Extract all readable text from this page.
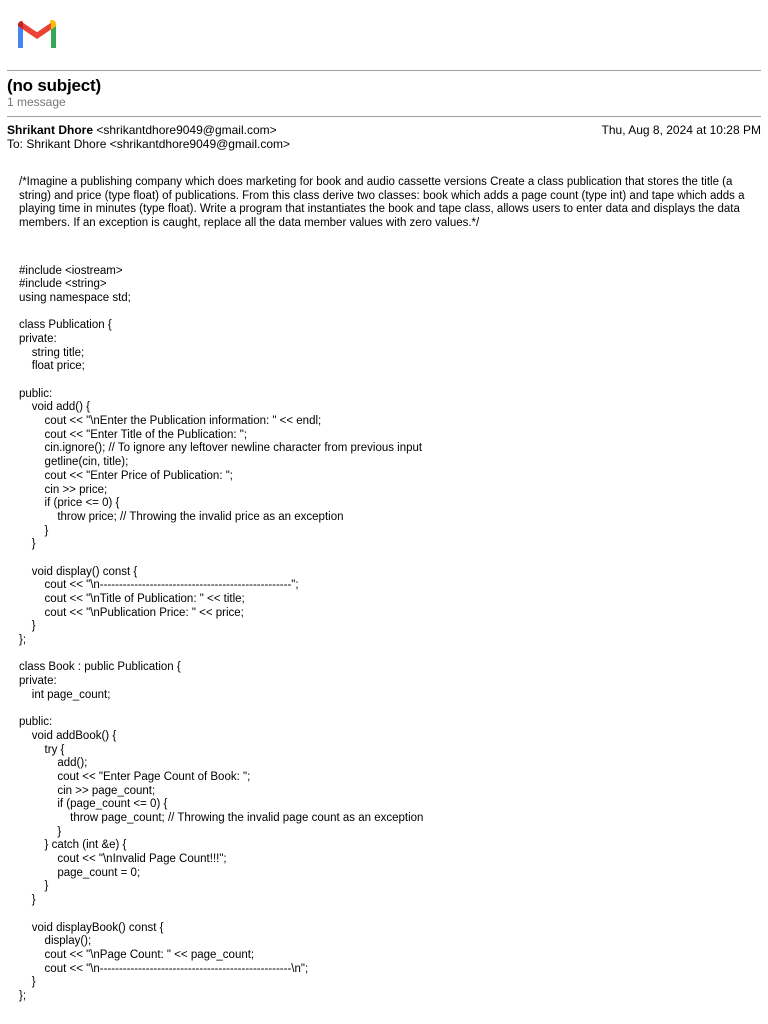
(no subject)
1 message
Shrikant Dhore <shrikantdhore9049@gmail.com>	Thu, Aug 8, 2024 at 10:28 PM
To: Shrikant Dhore <shrikantdhore9049@gmail.com>

/*Imagine a publishing company which does marketing for book and audio cassette versions Create a class publication that stores the title (a string) and price (type float) of publications. From this class derive two classes: book which adds a page count (type int) and tape which adds a playing time in minutes (type float). Write a program that instantiates the book and tape class, allows users to enter data and displays the data members. If an exception is caught, replace all the data member values with zero values.*/

#include <iostream>
#include <string>
using namespace std;
class Publication {
private:
string title;
float price;
public:
void add() {
cout << "\nEnter the Publication information: " << endl;
cout << "Enter Title of the Publication: ";
cin.ignore(); // To ignore any leftover newline character from previous input
getline(cin, title);
cout << "Enter Price of Publication: ";
cin >> price;
if (price <= 0) {
throw price; // Throwing the invalid price as an exception
}
}
void display() const {
cout << "\n--------------------------------------------------";
cout << "\nTitle of Publication: " << title;
cout << "\nPublication Price: " << price;
}
};
class Book : public Publication {
private:
int page_count;
public:
void addBook() {
try {
add();
cout << "Enter Page Count of Book: ";
cin >> page_count;
if (page_count <= 0) {
throw page_count; // Throwing the invalid page count as an exception
}
} catch (int &e) {
cout << "\nInvalid Page Count!!!";
page_count = 0;
}
}
void displayBook() const {
display();
cout << "\nPage Count: " << page_count;
cout << "\n--------------------------------------------------\n";
}
};
